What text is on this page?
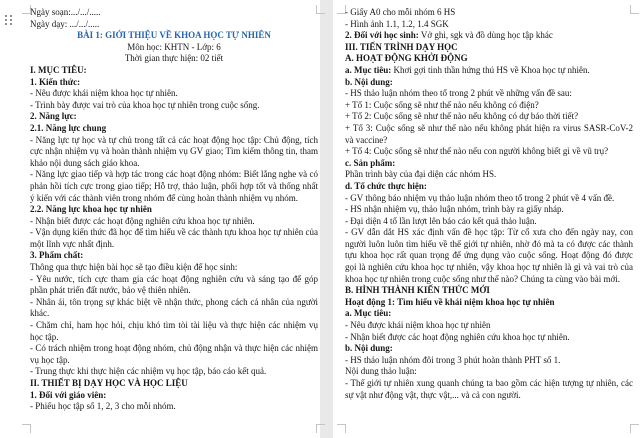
Ngày soạn:.../.../.....

Ngày dạy: .../.../.....

BÀI 1: GIỚI THIỆU VỀ KHOA HỌC TỰ NHIÊN

Môn học: KHTN - Lớp: 6

Thời gian thực hiện: 02 tiết

I. MỤC TIÊU:

1. Kiến thức:

- Nêu được khái niệm khoa học tự nhiên.

- Trình bày được vai trò của khoa học tự nhiên trong cuộc sống.

2. Năng lực:

2.1. Năng lực chung

- Năng lực tự học và tự chủ trong tất cả các hoạt động học tập: Chủ động, tích cực nhận nhiệm vụ và hoàn thành nhiệm vụ GV giao; Tìm kiếm thông tin, tham khảo nội dung sách giáo khoa.

- Năng lực giao tiếp và hợp tác trong các hoạt động nhóm: Biết lắng nghe và có phản hồi tích cực trong giao tiếp; Hỗ trợ, thảo luận, phối hợp tốt và thống nhất ý kiến với các thành viên trong nhóm để cùng hoàn thành nhiệm vụ nhóm.

2.2. Năng lực khoa học tự nhiên

- Nhận biết được các hoạt động nghiên cứu khoa học tự nhiên.

- Vận dụng kiến thức đã học để tìm hiểu về các thành tựu khoa học tự nhiên của một lĩnh vực nhất định.

3. Phẩm chất:

Thông qua thực hiện bài học sẽ tạo điều kiện để học sinh:

- Yêu nước, tích cực tham gia các hoạt động nghiên cứu và sáng tạo để góp phần phát triển đất nước, bảo vệ thiên nhiên.

- Nhân ái, tôn trọng sự khác biệt về nhận thức, phong cách cá nhân của người khác.

- Chăm chỉ, ham học hỏi, chịu khó tìm tòi tài liệu và thực hiện các nhiệm vụ học tập.

- Có trách nhiệm trong hoạt động nhóm, chủ động nhận và thực hiện các nhiệm vụ học tập.

- Trung thực khi thực hiện các nhiệm vụ học tập, báo cáo kết quả.

II. THIẾT BỊ DẠY HỌC VÀ HỌC LIỆU

1. Đối với giáo viên:

- Phiếu học tập số 1, 2, 3 cho mỗi nhóm.

- Giấy A0 cho mỗi nhóm 6 HS

- Hình ảnh 1.1, 1.2, 1.4 SGK

2. Đối với học sinh: Vở ghi, sgk và đồ dùng học tập khác

III. TIẾN TRÌNH DẠY HỌC

A. HOẠT ĐỘNG KHỞI ĐỘNG

a. Mục tiêu: Khơi gợi tinh thần hứng thú HS về Khoa học tự nhiên.

b. Nội dung:

- HS thảo luận nhóm theo tổ trong 2 phút về những vấn đề sau:

+ Tổ 1: Cuộc sống sẽ như thế nào nếu không có điện?

+ Tổ 2: Cuộc sống sẽ như thế nào nếu không có dự báo thời tiết?

+ Tổ 3: Cuộc sống sẽ như thế nào nếu không phát hiện ra virus SASR-CoV-2 và vaccine?

+ Tổ 4: Cuộc sống sẽ như thế nào nếu con người không biết gì về vũ trụ?

c. Sản phẩm:

Phần trình bày của đại diện các nhóm HS.

d. Tổ chức thực hiện:

- GV thông báo nhiệm vụ thảo luận nhóm theo tổ trong 2 phút về 4 vấn đề.

- HS nhận nhiệm vụ, thảo luận nhóm, trình bày ra giấy nháp.

- Đại diện 4 tổ lần lượt lên báo cáo kết quả thảo luận.

- GV dẫn dắt HS xác định vấn đề học tập: Từ cổ xưa cho đến ngày nay, con người luôn luôn tìm hiểu về thế giới tự nhiên, nhờ đó mà ta có được các thành tựu khoa học rất quan trọng để ứng dụng vào cuộc sống. Hoạt động đó được gọi là nghiên cứu khoa học tự nhiên, vậy khoa học tự nhiên là gì và vai trò của khoa học tự nhiên trong cuộc sống như thế nào? Chúng ta cùng vào bài mới.

B. HÌNH THÀNH KIẾN THỨC MỚI

Hoạt động 1: Tìm hiểu về khái niệm khoa học tự nhiên

a. Mục tiêu:

- Nêu được khái niệm khoa học tự nhiên

- Nhận biết được các hoạt động nghiên cứu khoa học tự nhiên.

b. Nội dung:

- HS thảo luận nhóm đôi trong 3 phút hoàn thành PHT số 1.

Nội dung thảo luận:

- Thế giới tự nhiên xung quanh chúng ta bao gồm các hiện tượng tự nhiên, các sự vật như động vật, thực vật,... và cả con người.
